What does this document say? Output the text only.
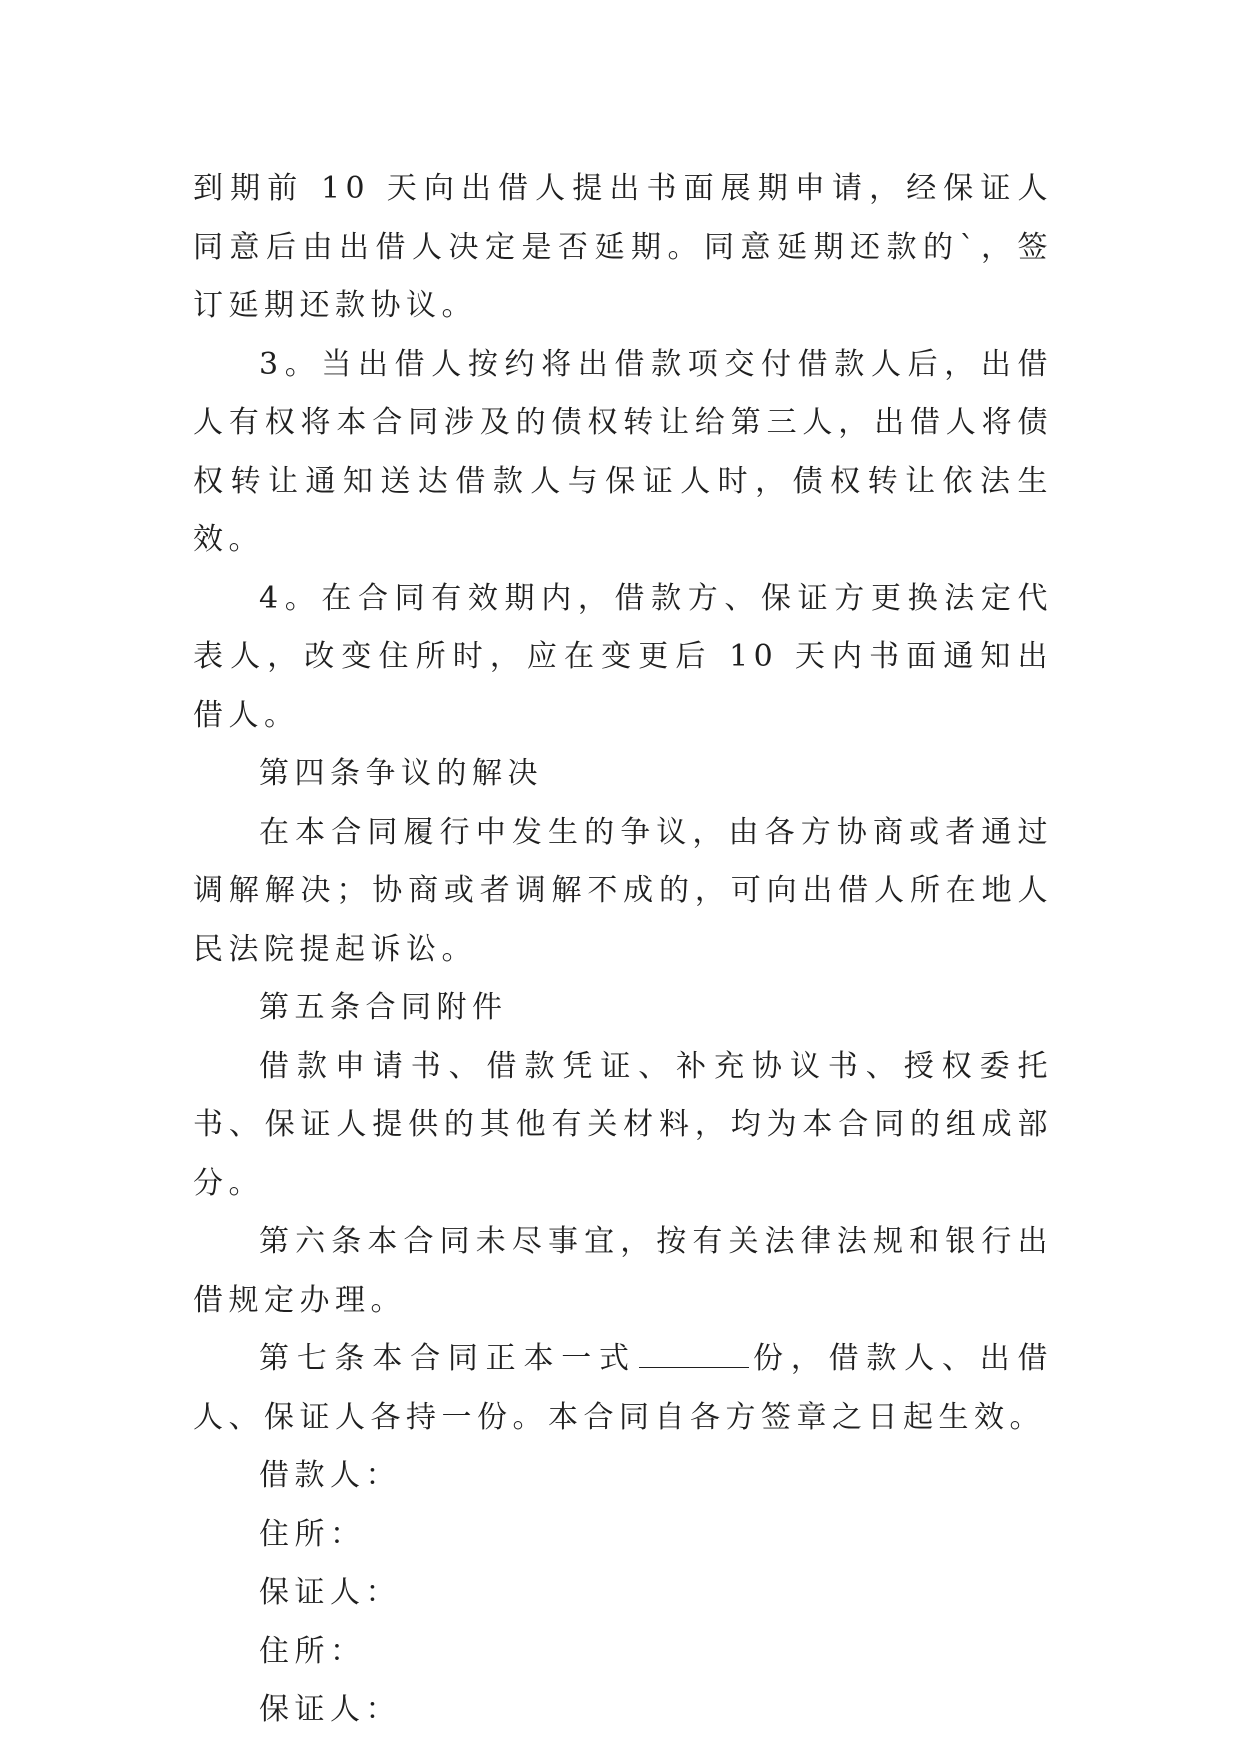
到期前 10 天向出借人提出书面展期申请，经保证人同意后由出借人决定是否延期。同意延期还款的`，签订延期还款协议。

3。当出借人按约将出借款项交付借款人后，出借人有权将本合同涉及的债权转让给第三人，出借人将债权转让通知送达借款人与保证人时，债权转让依法生效。

4。在合同有效期内，借款方、保证方更换法定代表人，改变住所时，应在变更后 10 天内书面通知出借人。

第四条争议的解决

在本合同履行中发生的争议，由各方协商或者通过调解解决；协商或者调解不成的，可向出借人所在地人民法院提起诉讼。

第五条合同附件

借款申请书、借款凭证、补充协议书、授权委托书、保证人提供的其他有关材料，均为本合同的组成部分。

第六条本合同未尽事宜，按有关法律法规和银行出借规定办理。

第七条本合同正本一式	份，借款人、出借人、保证人各持一份。本合同自各方签章之日起生效。

借款人：

住所：

保证人：

住所：

保证人：
